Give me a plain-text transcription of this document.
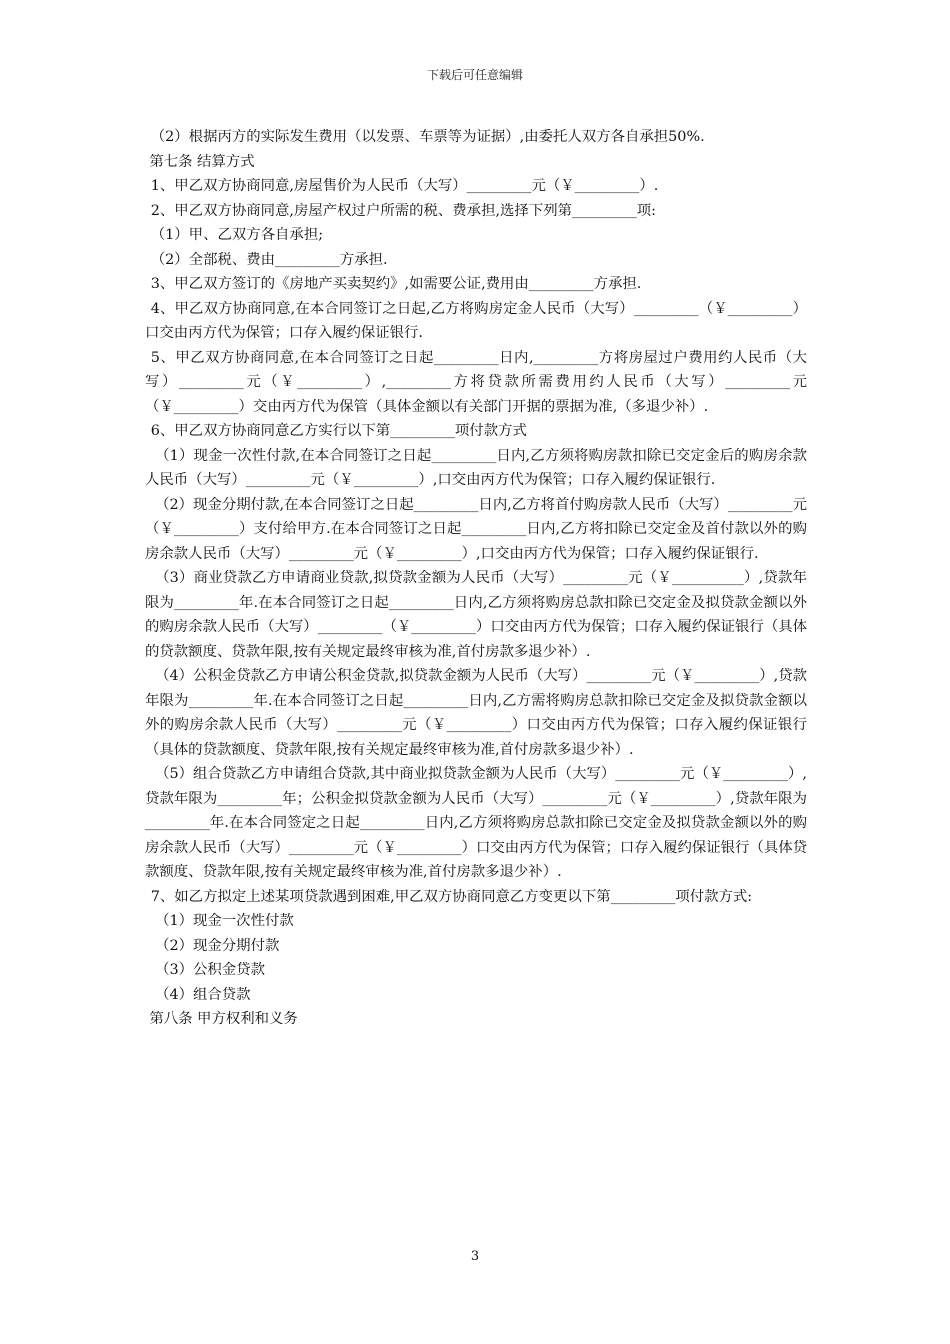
下载后可任意编辑

（2）根据丙方的实际发生费用（以发票、车票等为证据）,由委托人双方各自承担50%.

第七条 结算方式

1、甲乙双方协商同意,房屋售价为人民币（大写）_________元（￥_________）.

2、甲乙双方协商同意,房屋产权过户所需的税、费承担,选择下列第_________项:

（1）甲、乙双方各自承担;

（2）全部税、费由_________方承担.

3、甲乙双方签订的《房地产买卖契约》,如需要公证,费用由_________方承担.

4、甲乙双方协商同意,在本合同签订之日起,乙方将购房定金人民币（大写）_________（￥_________）口交由丙方代为保管；口存入履约保证银行.

5、甲乙双方协商同意,在本合同签订之日起_________日内,_________方将房屋过户费用约人民币（大写）_________元（￥_________）,_________方将贷款所需费用约人民币（大写）_________元（￥_________）交由丙方代为保管（具体金额以有关部门开据的票据为准,（多退少补）.

6、甲乙双方协商同意乙方实行以下第_________项付款方式

（1）现金一次性付款,在本合同签订之日起_________日内,乙方须将购房款扣除已交定金后的购房余款人民币（大写）_________元（￥_________）,口交由丙方代为保管；口存入履约保证银行.

（2）现金分期付款,在本合同签订之日起_________日内,乙方将首付购房款人民币（大写）_________元（￥_________）支付给甲方.在本合同签订之日起_________日内,乙方将扣除已交定金及首付款以外的购房余款人民币（大写）_________元（￥_________）,口交由丙方代为保管；口存入履约保证银行.

（3）商业贷款乙方申请商业贷款,拟贷款金额为人民币（大写）_________元（￥__________）,贷款年限为_________年.在本合同签订之日起_________日内,乙方须将购房总款扣除已交定金及拟贷款金额以外的购房余款人民币（大写）_________（￥_________）口交由丙方代为保管；口存入履约保证银行（具体的贷款额度、贷款年限,按有关规定最终审核为准,首付房款多退少补）.

（4）公积金贷款乙方申请公积金贷款,拟贷款金额为人民币（大写）_________元（￥_________）,贷款年限为_________年.在本合同签订之日起_________日内,乙方需将购房总款扣除已交定金及拟贷款金额以外的购房余款人民币（大写）_________元（￥_________）口交由丙方代为保管；口存入履约保证银行（具体的贷款额度、贷款年限,按有关规定最终审核为准,首付房款多退少补）.

（5）组合贷款乙方申请组合贷款,其中商业拟贷款金额为人民币（大写）_________元（￥_________）,贷款年限为_________年；公积金拟贷款金额为人民币（大写）_________元（￥_________）,贷款年限为_________年.在本合同签定之日起_________日内,乙方须将购房总款扣除已交定金及拟贷款金额以外的购房余款人民币（大写）_________元（￥_________）口交由丙方代为保管；口存入履约保证银行（具体贷款额度、贷款年限,按有关规定最终审核为准,首付房款多退少补）.

7、如乙方拟定上述某项贷款遇到困难,甲乙双方协商同意乙方变更以下第_________项付款方式:

（1）现金一次性付款

（2）现金分期付款

（3）公积金贷款

（4）组合贷款

第八条 甲方权利和义务

3
